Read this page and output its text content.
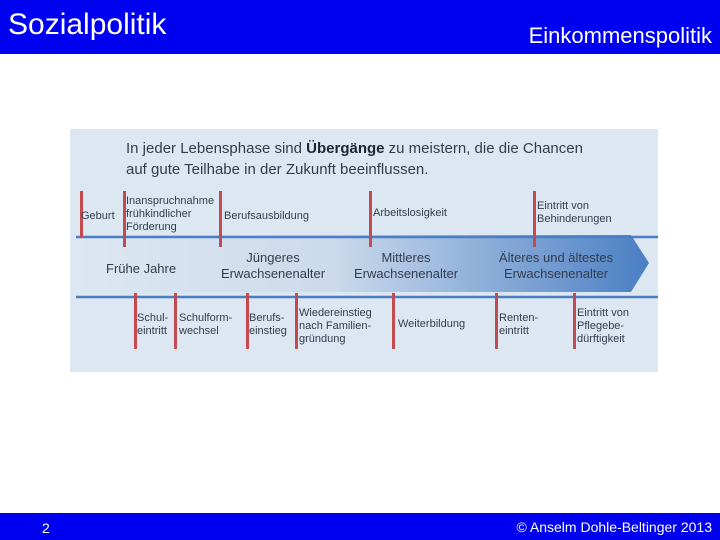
Sozialpolitik	Einkommenspolitik
In jeder Lebensphase sind Übergänge zu meistern, die die Chancen
auf gute Teilhabe in der Zukunft beeinflussen.
Geburt
Inanspruchnahme
frühkindlicher
Förderung
Berufsausbildung	Arbeitslosigkeit
Eintritt von
Behinderungen
Frühe Jahre
Jüngeres
Erwachsenenalter
Mittleres
Erwachsenenalter
Älteres und ältestes
Erwachsenenalter
Schul-
eintritt
Schulform-
wechsel
Berufs-
einstieg
Wiedereinstieg
nach Familien-
gründung
Weiterbildung	Renten-
eintritt
Eintritt von
Pflegebe-
dürftigkeit
2	© Anselm Dohle-Beltinger 2013
